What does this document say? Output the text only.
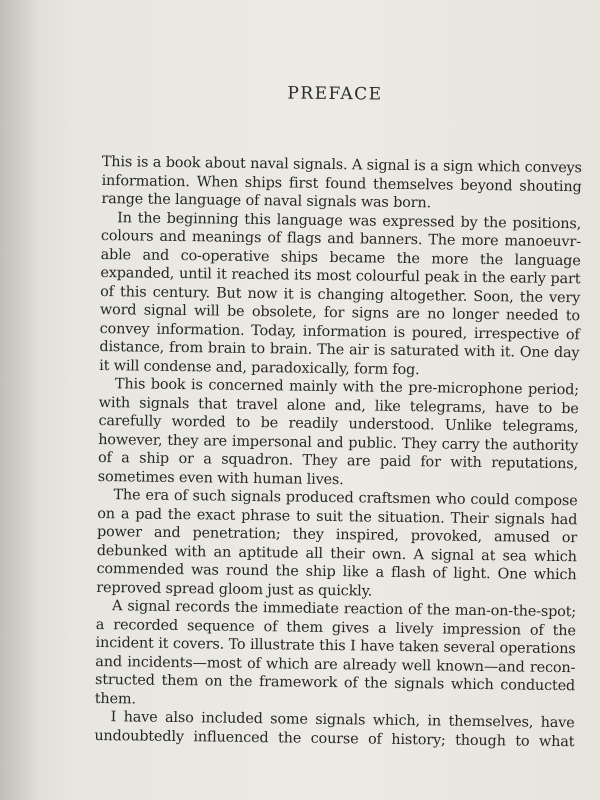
PREFACE
This is a book about naval signals. A signal is a sign which conveys
information. When ships first found themselves beyond shouting
range the language of naval signals was born.
In the beginning this language was expressed by the positions,
colours and meanings of flags and banners. The more manoeuvr-
able and co-operative ships became the more the language
expanded, until it reached its most colourful peak in the early part
of this century. But now it is changing altogether. Soon, the very
word signal will be obsolete, for signs are no longer needed to
convey information. Today, information is poured, irrespective of
distance, from brain to brain. The air is saturated with it. One day
it will condense and, paradoxically, form fog.
This book is concerned mainly with the pre-microphone period;
with signals that travel alone and, like telegrams, have to be
carefully worded to be readily understood. Unlike telegrams,
however, they are impersonal and public. They carry the authority
of a ship or a squadron. They are paid for with reputations,
sometimes even with human lives.
The era of such signals produced craftsmen who could compose
on a pad the exact phrase to suit the situation. Their signals had
power and penetration; they inspired, provoked, amused or
debunked with an aptitude all their own. A signal at sea which
commended was round the ship like a flash of light. One which
reproved spread gloom just as quickly.
A signal records the immediate reaction of the man-on-the-spot;
a recorded sequence of them gives a lively impression of the
incident it covers. To illustrate this I have taken several operations
and incidents—most of which are already well known—and recon-
structed them on the framework of the signals which conducted
them.
I have also included some signals which, in themselves, have
undoubtedly influenced the course of history; though to what
